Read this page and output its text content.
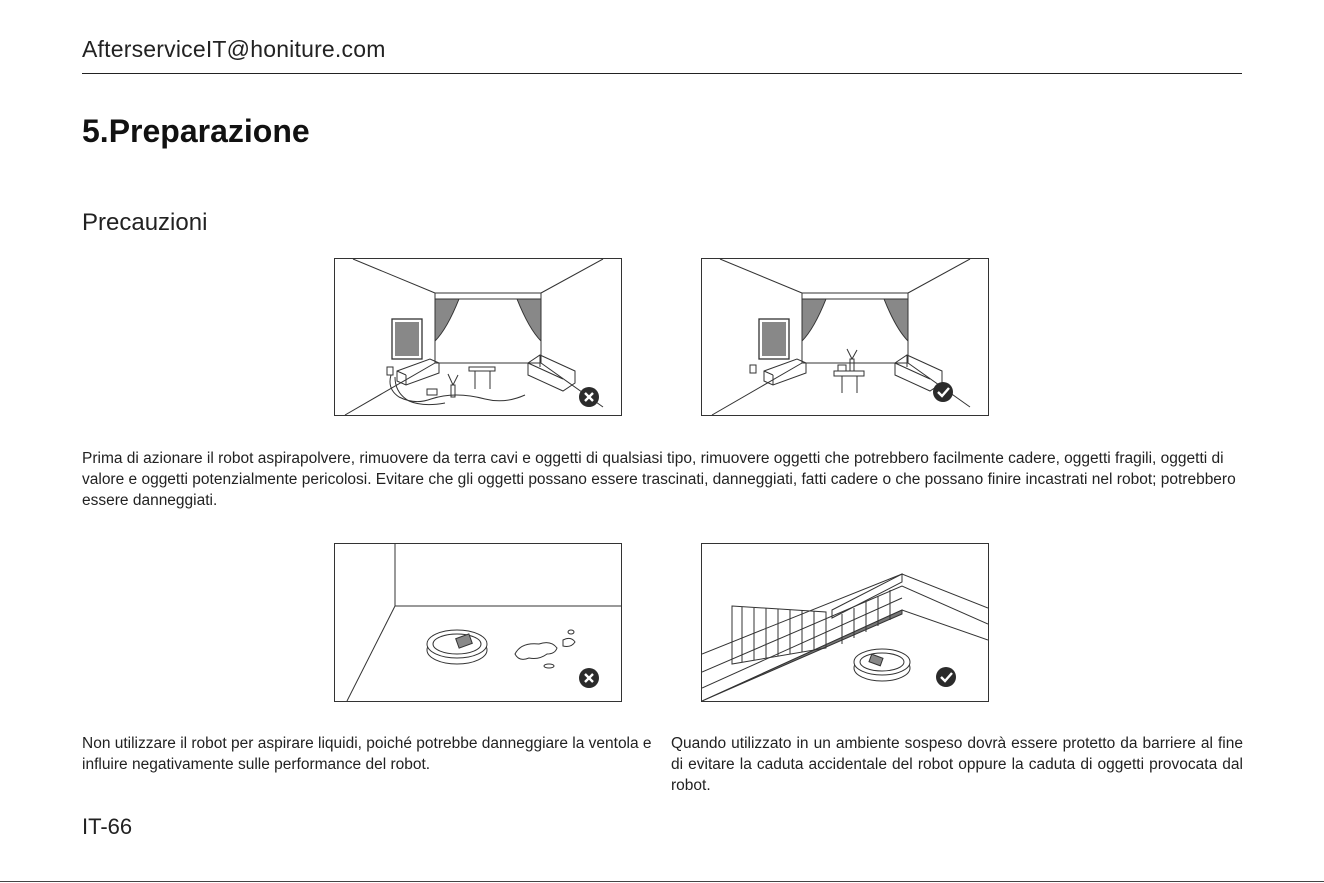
AfterserviceIT@honiture.com
5.Preparazione
Precauzioni
Prima di azionare il robot aspirapolvere, rimuovere da terra cavi e oggetti di qualsiasi tipo, rimuovere oggetti che potrebbero facilmente cadere, oggetti fragili, oggetti di valore e oggetti potenzialmente pericolosi. Evitare che gli oggetti possano essere trascinati, danneggiati, fatti cadere o che possano finire incastrati nel robot; potrebbero essere danneggiati.
Non utilizzare il robot per aspirare liquidi, poiché potrebbe danneggiare la ventola e influire negativamente sulle performance del robot.
Quando utilizzato in un ambiente sospeso dovrà essere protetto da barriere al fine di evitare la caduta accidentale del robot oppure la caduta di oggetti provocata dal robot.
IT-66
